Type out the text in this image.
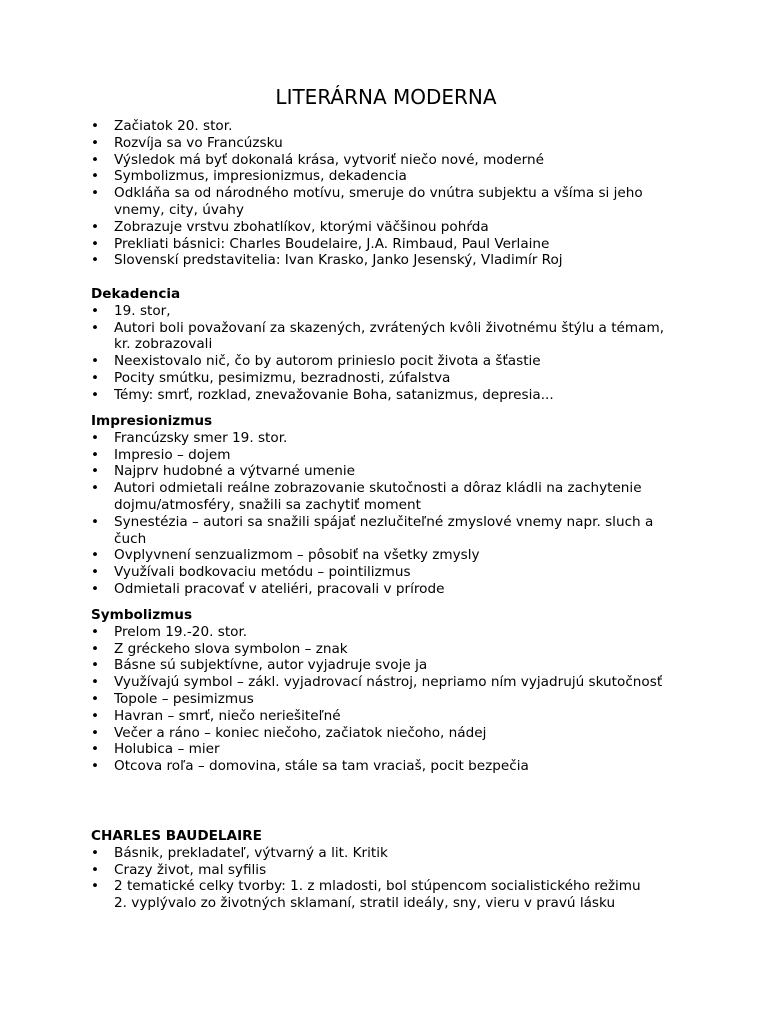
LITERÁRNA MODERNA
• Začiatok 20. stor.
• Rozvíja sa vo Francúzsku
• Výsledok má byť dokonalá krása, vytvoriť niečo nové, moderné
• Symbolizmus, impresionizmus, dekadencia
• Odkláňa sa od národného motívu, smeruje do vnútra subjektu a všíma si jeho vnemy, city, úvahy
• Zobrazuje vrstvu zbohatlíkov, ktorými väčšinou pohŕda
• Prekliati básnici: Charles Boudelaire, J.A. Rimbaud, Paul Verlaine
• Slovenskí predstavitelia: Ivan Krasko, Janko Jesenský, Vladimír Roj
Dekadencia
• 19. stor,
• Autori boli považovaní za skazených, zvrátených kvôli životnému štýlu a témam, kr. zobrazovali
• Neexistovalo nič, čo by autorom prinieslo pocit života a šťastie
• Pocity smútku, pesimizmu, bezradnosti, zúfalstva
• Témy: smrť, rozklad, znevažovanie Boha, satanizmus, depresia...
Impresionizmus
• Francúzsky smer 19. stor.
• Impresio – dojem
• Najprv hudobné a výtvarné umenie
• Autori odmietali reálne zobrazovanie skutočnosti a dôraz kládli na zachytenie dojmu/atmosféry, snažili sa zachytiť moment
• Synestézia – autori sa snažili spájať nezlučiteľné zmyslové vnemy napr. sluch a čuch
• Ovplyvnení senzualizmom – pôsobiť na všetky zmysly
• Využívali bodkovaciu metódu – pointilizmus
• Odmietali pracovať v ateliéri, pracovali v prírode
Symbolizmus
• Prelom 19.-20. stor.
• Z gréckeho slova symbolon – znak
• Básne sú subjektívne, autor vyjadruje svoje ja
• Využívajú symbol – zákl. vyjadrovací nástroj, nepriamo ním vyjadrujú skutočnosť
• Topole – pesimizmus
• Havran – smrť, niečo neriešiteľné
• Večer a ráno – koniec niečoho, začiatok niečoho, nádej
• Holubica – mier
• Otcova roľa – domovina, stále sa tam vraciaš, pocit bezpečia
CHARLES BAUDELAIRE
• Básnik, prekladateľ, výtvarný a lit. Kritik
• Crazy život, mal syfilis
• 2 tematické celky tvorby: 1. z mladosti, bol stúpencom socialistického režimu
2. vyplývalo zo životných sklamaní, stratil ideály, sny, vieru v pravú lásku
